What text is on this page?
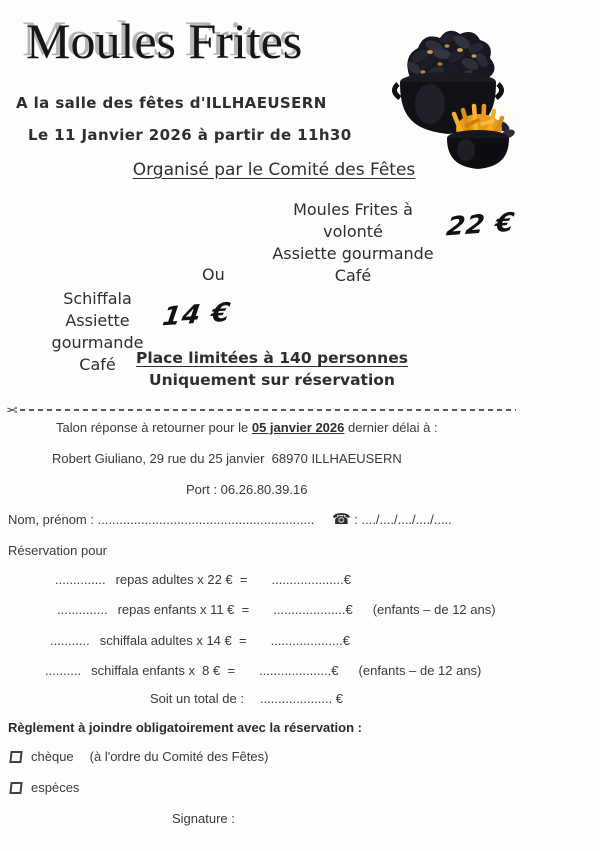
Moules Frites
A la salle des fêtes d'ILLHAEUSERN
Le 11 Janvier 2026 à partir de 11h30
Organisé par le Comité des Fêtes
Moules Frites à volonté
Assiette gourmande
Café
22 €
Ou
Schiffala
Assiette gourmande
Café
14 €
Place limitées à 140 personnes
Uniquement sur réservation
✂
Talon réponse à retourner pour le 05 janvier 2026 dernier délai à :
Robert Giuliano, 29 rue du 25 janvier  68970 ILLHAEUSERN
Port : 06.26.80.39.16
Nom, prénom : ............................................................ ☎ : ..../..../..../..../.....
Réservation pour
.............. repas adultes x 22 €  = ....................€
.............. repas enfants x 11 €  = ....................€ (enfants – de 12 ans)
........... schiffala adultes x 14 €  = ....................€
.......... schiffala enfants x  8 €  = ....................€ (enfants – de 12 ans)
Soit un total de : .................... €
Règlement à joindre obligatoirement avec la réservation :
chèque (à l'ordre du Comité des Fêtes)
espèces
Signature :
